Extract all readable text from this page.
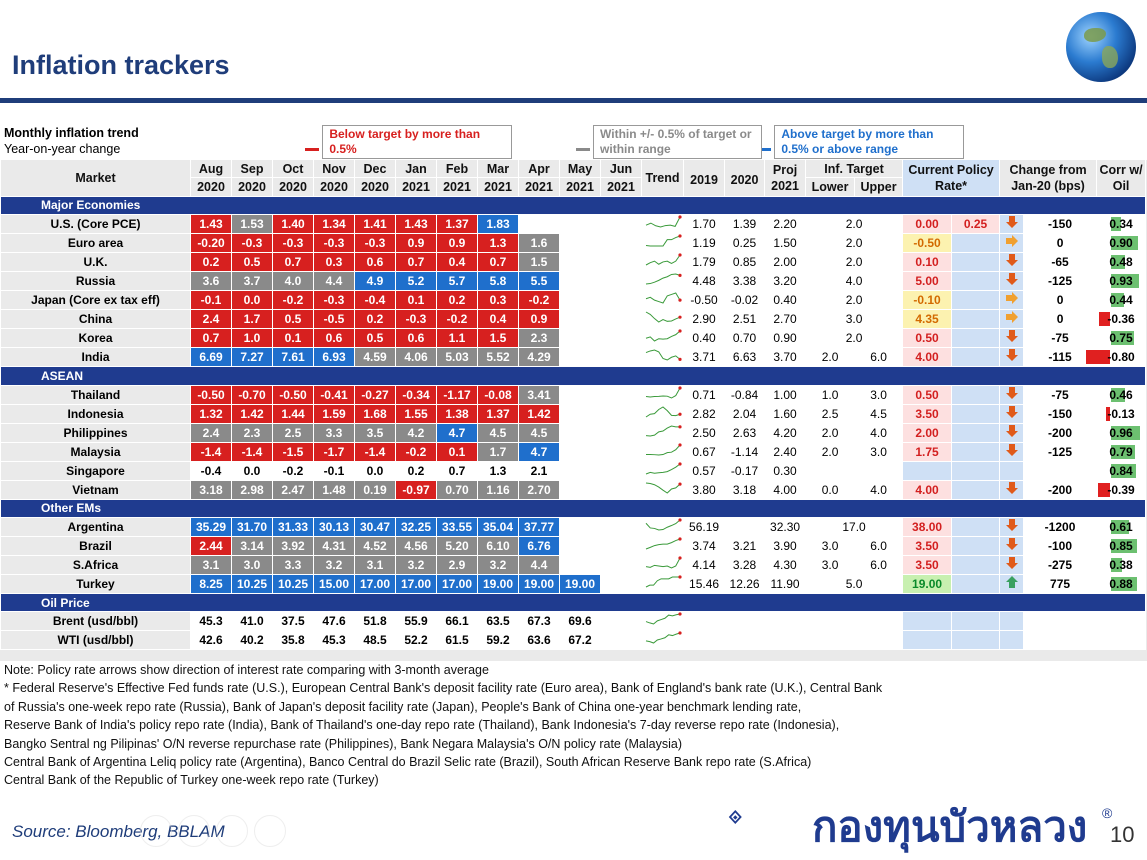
Inflation trackers
Monthly inflation trend
Year-on-year change	Below target by more than 0.5%  Within +/- 0.5% of target or within range											Above target by more than 0.5% or above range											
Market	Aug	Sep	Oct	Nov	Dec	Jan	Feb	Mar	Apr	May	Jun	Trend	2019	2020	Proj 2021	Inf. Target		Current Policy Rate*		Change from Jan-20 (bps)		Corr w/ Oil	
	2020	2020	2020	2020	2020	2021	2021	2021	2021	2021	2021					Lower	Upper						
Major Economies																							
U.S. (Core PCE)	1.43	1.53	1.40	1.34	1.41	1.43	1.37	1.83					1.70	1.39	2.20	2.0		0.00	0.25		-150	0.34	
Euro area	-0.20	-0.3	-0.3	-0.3	-0.3	0.9	0.9	1.3	1.6				1.19	0.25	1.50	2.0		-0.50			0	0.90	
U.K.	0.2	0.5	0.7	0.3	0.6	0.7	0.4	0.7	1.5				1.79	0.85	2.00	2.0		0.10			-65	0.48	
Russia	3.6	3.7	4.0	4.4	4.9	5.2	5.7	5.8	5.5				4.48	3.38	3.20	4.0		5.00			-125	0.93	
Japan (Core ex tax eff)	-0.1	0.0	-0.2	-0.3	-0.4	0.1	0.2	0.3	-0.2				-0.50	-0.02	0.40	2.0		-0.10			0	0.44	
China	2.4	1.7	0.5	-0.5	0.2	-0.3	-0.2	0.4	0.9				2.90	2.51	2.70	3.0		4.35			0	-0.36	
Korea	0.7	1.0	0.1	0.6	0.5	0.6	1.1	1.5	2.3				0.40	0.70	0.90	2.0		0.50			-75	0.75	
India	6.69	7.27	7.61	6.93	4.59	4.06	5.03	5.52	4.29				3.71	6.63	3.70	2.0	6.0	4.00			-115	-0.80	
ASEAN																							
Thailand	-0.50	-0.70	-0.50	-0.41	-0.27	-0.34	-1.17	-0.08	3.41				0.71	-0.84	1.00	1.0	3.0	0.50			-75	0.46	
Indonesia	1.32	1.42	1.44	1.59	1.68	1.55	1.38	1.37	1.42				2.82	2.04	1.60	2.5	4.5	3.50			-150	-0.13	
Philippines	2.4	2.3	2.5	3.3	3.5	4.2	4.7	4.5	4.5				2.50	2.63	4.20	2.0	4.0	2.00			-200	0.96	
Malaysia	-1.4	-1.4	-1.5	-1.7	-1.4	-0.2	0.1	1.7	4.7				0.67	-1.14	2.40	2.0	3.0	1.75			-125	0.79	
Singapore	-0.4	0.0	-0.2	-0.1	0.0	0.2	0.7	1.3	2.1				0.57	-0.17	0.30							0.84	
Vietnam	3.18	2.98	2.47	1.48	0.19	-0.97	0.70	1.16	2.70				3.80	3.18	4.00	0.0	4.0	4.00			-200	-0.39	
Other EMs																							
Argentina	35.29	31.70	31.33	30.13	30.47	32.25	33.55	35.04	37.77				56.19		32.30	17.0		38.00			-1200	0.61	
Brazil	2.44	3.14	3.92	4.31	4.52	4.56	5.20	6.10	6.76				3.74	3.21	3.90	3.0	6.0	3.50			-100	0.85	
S.Africa	3.1	3.0	3.3	3.2	3.1	3.2	2.9	3.2	4.4				4.14	3.28	4.30	3.0	6.0	3.50			-275	0.38	
Turkey	8.25	10.25	10.25	15.00	17.00	17.00	17.00	19.00	19.00	19.00			15.46	12.26	11.90	5.0		19.00			775	0.88	
Oil Price																							
Brent (usd/bbl)	45.3	41.0	37.5	47.6	51.8	55.9	66.1	63.5	67.3	69.6												
WTI (usd/bbl)	42.6	40.2	35.8	45.3	48.5	52.2	61.5	59.2	63.6	67.2												
Note: Policy rate arrows show direction of interest rate comparing with 3-month average
* Federal Reserve's Effective Fed funds rate (U.S.), European Central Bank's deposit facility rate (Euro area), Bank of England's bank rate (U.K.), Central Bank
of Russia's one-week repo rate (Russia), Bank of Japan's deposit facility rate (Japan), People's Bank of China one-year benchmark lending rate,
Reserve Bank of India's policy repo rate (India), Bank of Thailand's one-day repo rate (Thailand), Bank Indonesia's 7-day reverse repo rate (Indonesia),
Bangko Sentral ng Pilipinas' O/N reverse repurchase rate (Philippines), Bank Negara Malaysia's O/N policy rate (Malaysia)
Central Bank of Argentina Leliq policy rate (Argentina), Banco Central do Brazil Selic rate (Brazil), South African Reserve Bank repo rate (S.Africa)
Central Bank of the Republic of Turkey one-week repo rate (Turkey)
Source: Bloomberg, BBLAM	กองทุนบัวหลวง ®
10
